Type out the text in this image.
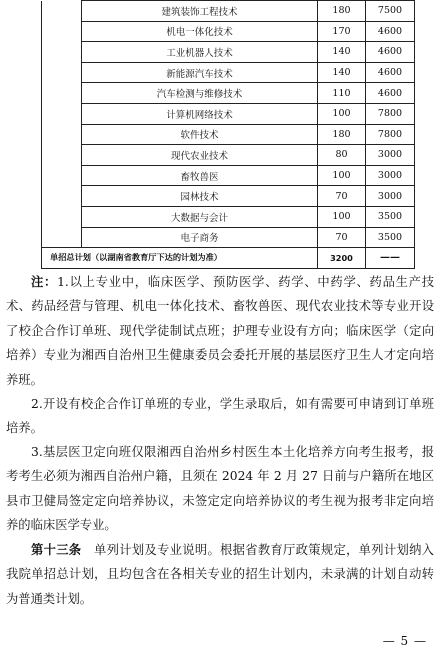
	建筑装饰工程技术	180	7500
	机电一体化技术	170	4600
	工业机器人技术	140	4600
	新能源汽车技术	140	4600
	汽车检测与维修技术	110	4600
	计算机网络技术	100	7800
	软件技术	180	7800
	现代农业技术	80	3000
	畜牧兽医	100	3000
	园林技术	70	3000
	大数据与会计	100	3500
	电子商务	70	3500
单招总计划（以湖南省教育厅下达的计划为准）		3200	——

注：1.以上专业中，临床医学、预防医学、药学、中药学、药品生产技术、药品经营与管理、机电一体化技术、畜牧兽医、现代农业技术等专业开设了校企合作订单班、现代学徒制试点班；护理专业设有方向；临床医学（定向培养）专业为湘西自治州卫生健康委员会委托开展的基层医疗卫生人才定向培养班。

2.开设有校企合作订单班的专业，学生录取后，如有需要可申请到订单班培养。

3.基层医卫定向班仅限湘西自治州乡村医生本土化培养方向考生报考，报考考生必须为湘西自治州户籍，且须在 2024 年 2 月 27 日前与户籍所在地区县市卫健局签定定向培养协议，未签定定向培养协议的考生视为报考非定向培养的临床医学专业。

第十三条　单列计划及专业说明。根据省教育厅政策规定，单列计划纳入我院单招总计划，且均包含在各相关专业的招生计划内，未录满的计划自动转为普通类计划。

— 5 —
